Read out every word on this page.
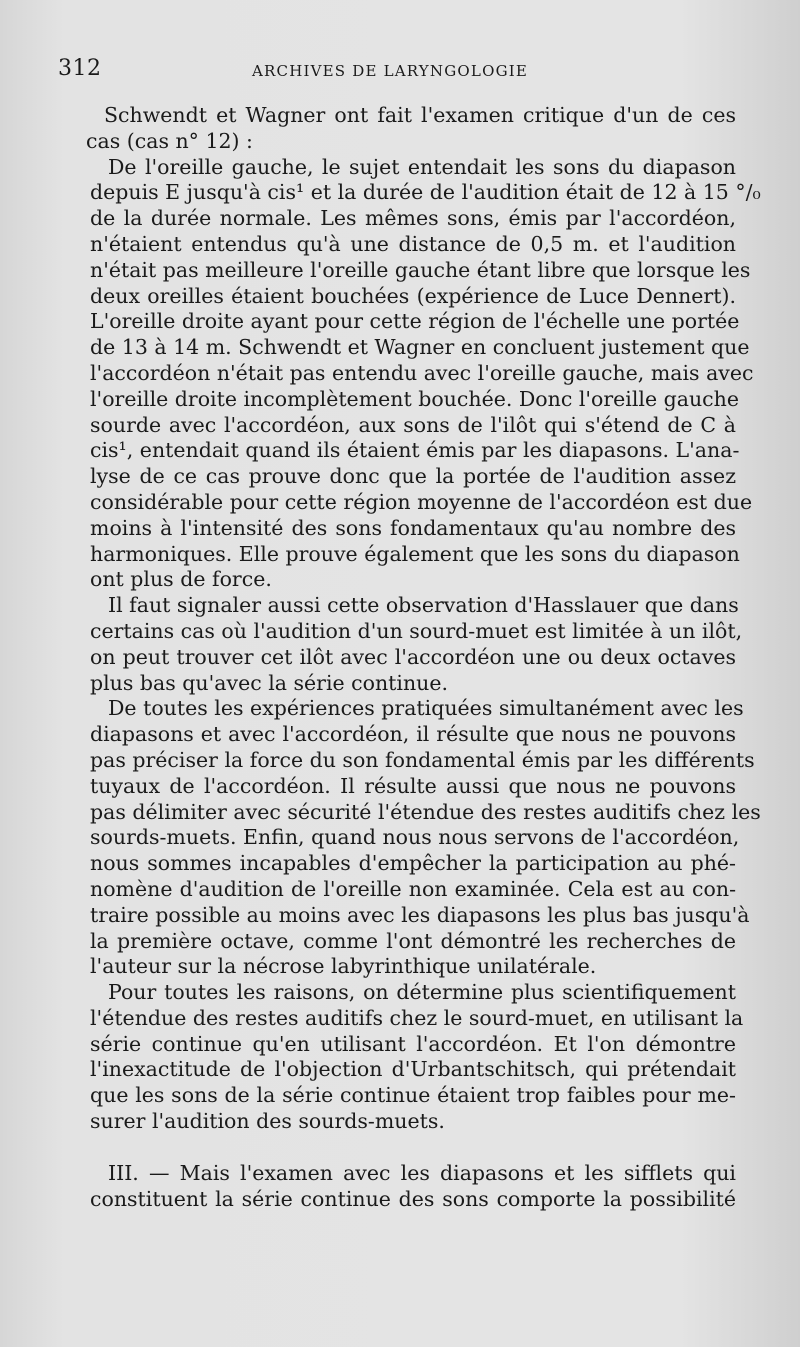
312	ARCHIVES DE LARYNGOLOGIE

Schwendt et Wagner ont fait l'examen critique d'un de ces
cas (cas n° 12) :

De l'oreille gauche, le sujet entendait les sons du diapason
depuis E jusqu'à cis¹ et la durée de l'audition était de 12 à 15 °/₀
de la durée normale. Les mêmes sons, émis par l'accordéon,
n'étaient entendus qu'à une distance de 0,5 m. et l'audition
n'était pas meilleure l'oreille gauche étant libre que lorsque les
deux oreilles étaient bouchées (expérience de Luce Dennert).
L'oreille droite ayant pour cette région de l'échelle une portée
de 13 à 14 m. Schwendt et Wagner en concluent justement que
l'accordéon n'était pas entendu avec l'oreille gauche, mais avec
l'oreille droite incomplètement bouchée. Donc l'oreille gauche
sourde avec l'accordéon, aux sons de l'ilôt qui s'étend de C à
cis¹, entendait quand ils étaient émis par les diapasons. L'ana-
lyse de ce cas prouve donc que la portée de l'audition assez
considérable pour cette région moyenne de l'accordéon est due
moins à l'intensité des sons fondamentaux qu'au nombre des
harmoniques. Elle prouve également que les sons du diapason
ont plus de force.

Il faut signaler aussi cette observation d'Hasslauer que dans
certains cas où l'audition d'un sourd-muet est limitée à un ilôt,
on peut trouver cet ilôt avec l'accordéon une ou deux octaves
plus bas qu'avec la série continue.

De toutes les expériences pratiquées simultanément avec les
diapasons et avec l'accordéon, il résulte que nous ne pouvons
pas préciser la force du son fondamental émis par les différents
tuyaux de l'accordéon. Il résulte aussi que nous ne pouvons
pas délimiter avec sécurité l'étendue des restes auditifs chez les
sourds-muets. Enfin, quand nous nous servons de l'accordéon,
nous sommes incapables d'empêcher la participation au phé-
nomène d'audition de l'oreille non examinée. Cela est au con-
traire possible au moins avec les diapasons les plus bas jusqu'à
la première octave, comme l'ont démontré les recherches de
l'auteur sur la nécrose labyrinthique unilatérale.

Pour toutes les raisons, on détermine plus scientifiquement
l'étendue des restes auditifs chez le sourd-muet, en utilisant la
série continue qu'en utilisant l'accordéon. Et l'on démontre
l'inexactitude de l'objection d'Urbantschitsch, qui prétendait
que les sons de la série continue étaient trop faibles pour me-
surer l'audition des sourds-muets.

III. — Mais l'examen avec les diapasons et les sifflets qui
constituent la série continue des sons comporte la possibilité
